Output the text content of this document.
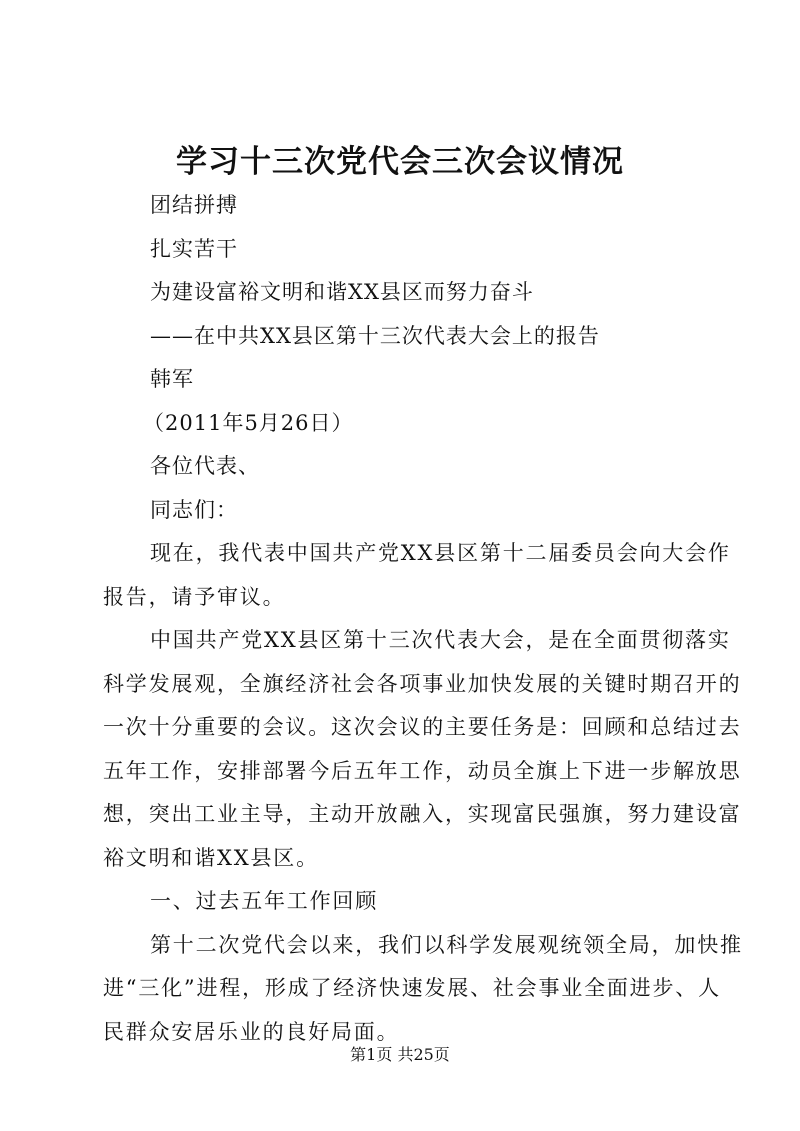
学习十三次党代会三次会议情况
团结拼搏
扎实苦干
为建设富裕文明和谐XX县区而努力奋斗
——在中共XX县区第十三次代表大会上的报告
韩军
（2011年5月26日）
各位代表、
同志们：
现在，我代表中国共产党XX县区第十二届委员会向大会作
报告，请予审议。
中国共产党XX县区第十三次代表大会，是在全面贯彻落实
科学发展观，全旗经济社会各项事业加快发展的关键时期召开的
一次十分重要的会议。这次会议的主要任务是：回顾和总结过去
五年工作，安排部署今后五年工作，动员全旗上下进一步解放思
想，突出工业主导，主动开放融入，实现富民强旗，努力建设富
裕文明和谐XX县区。
一、过去五年工作回顾
第十二次党代会以来，我们以科学发展观统领全局，加快推
进“三化”进程，形成了经济快速发展、社会事业全面进步、人
民群众安居乐业的良好局面。
第1页 共25页
